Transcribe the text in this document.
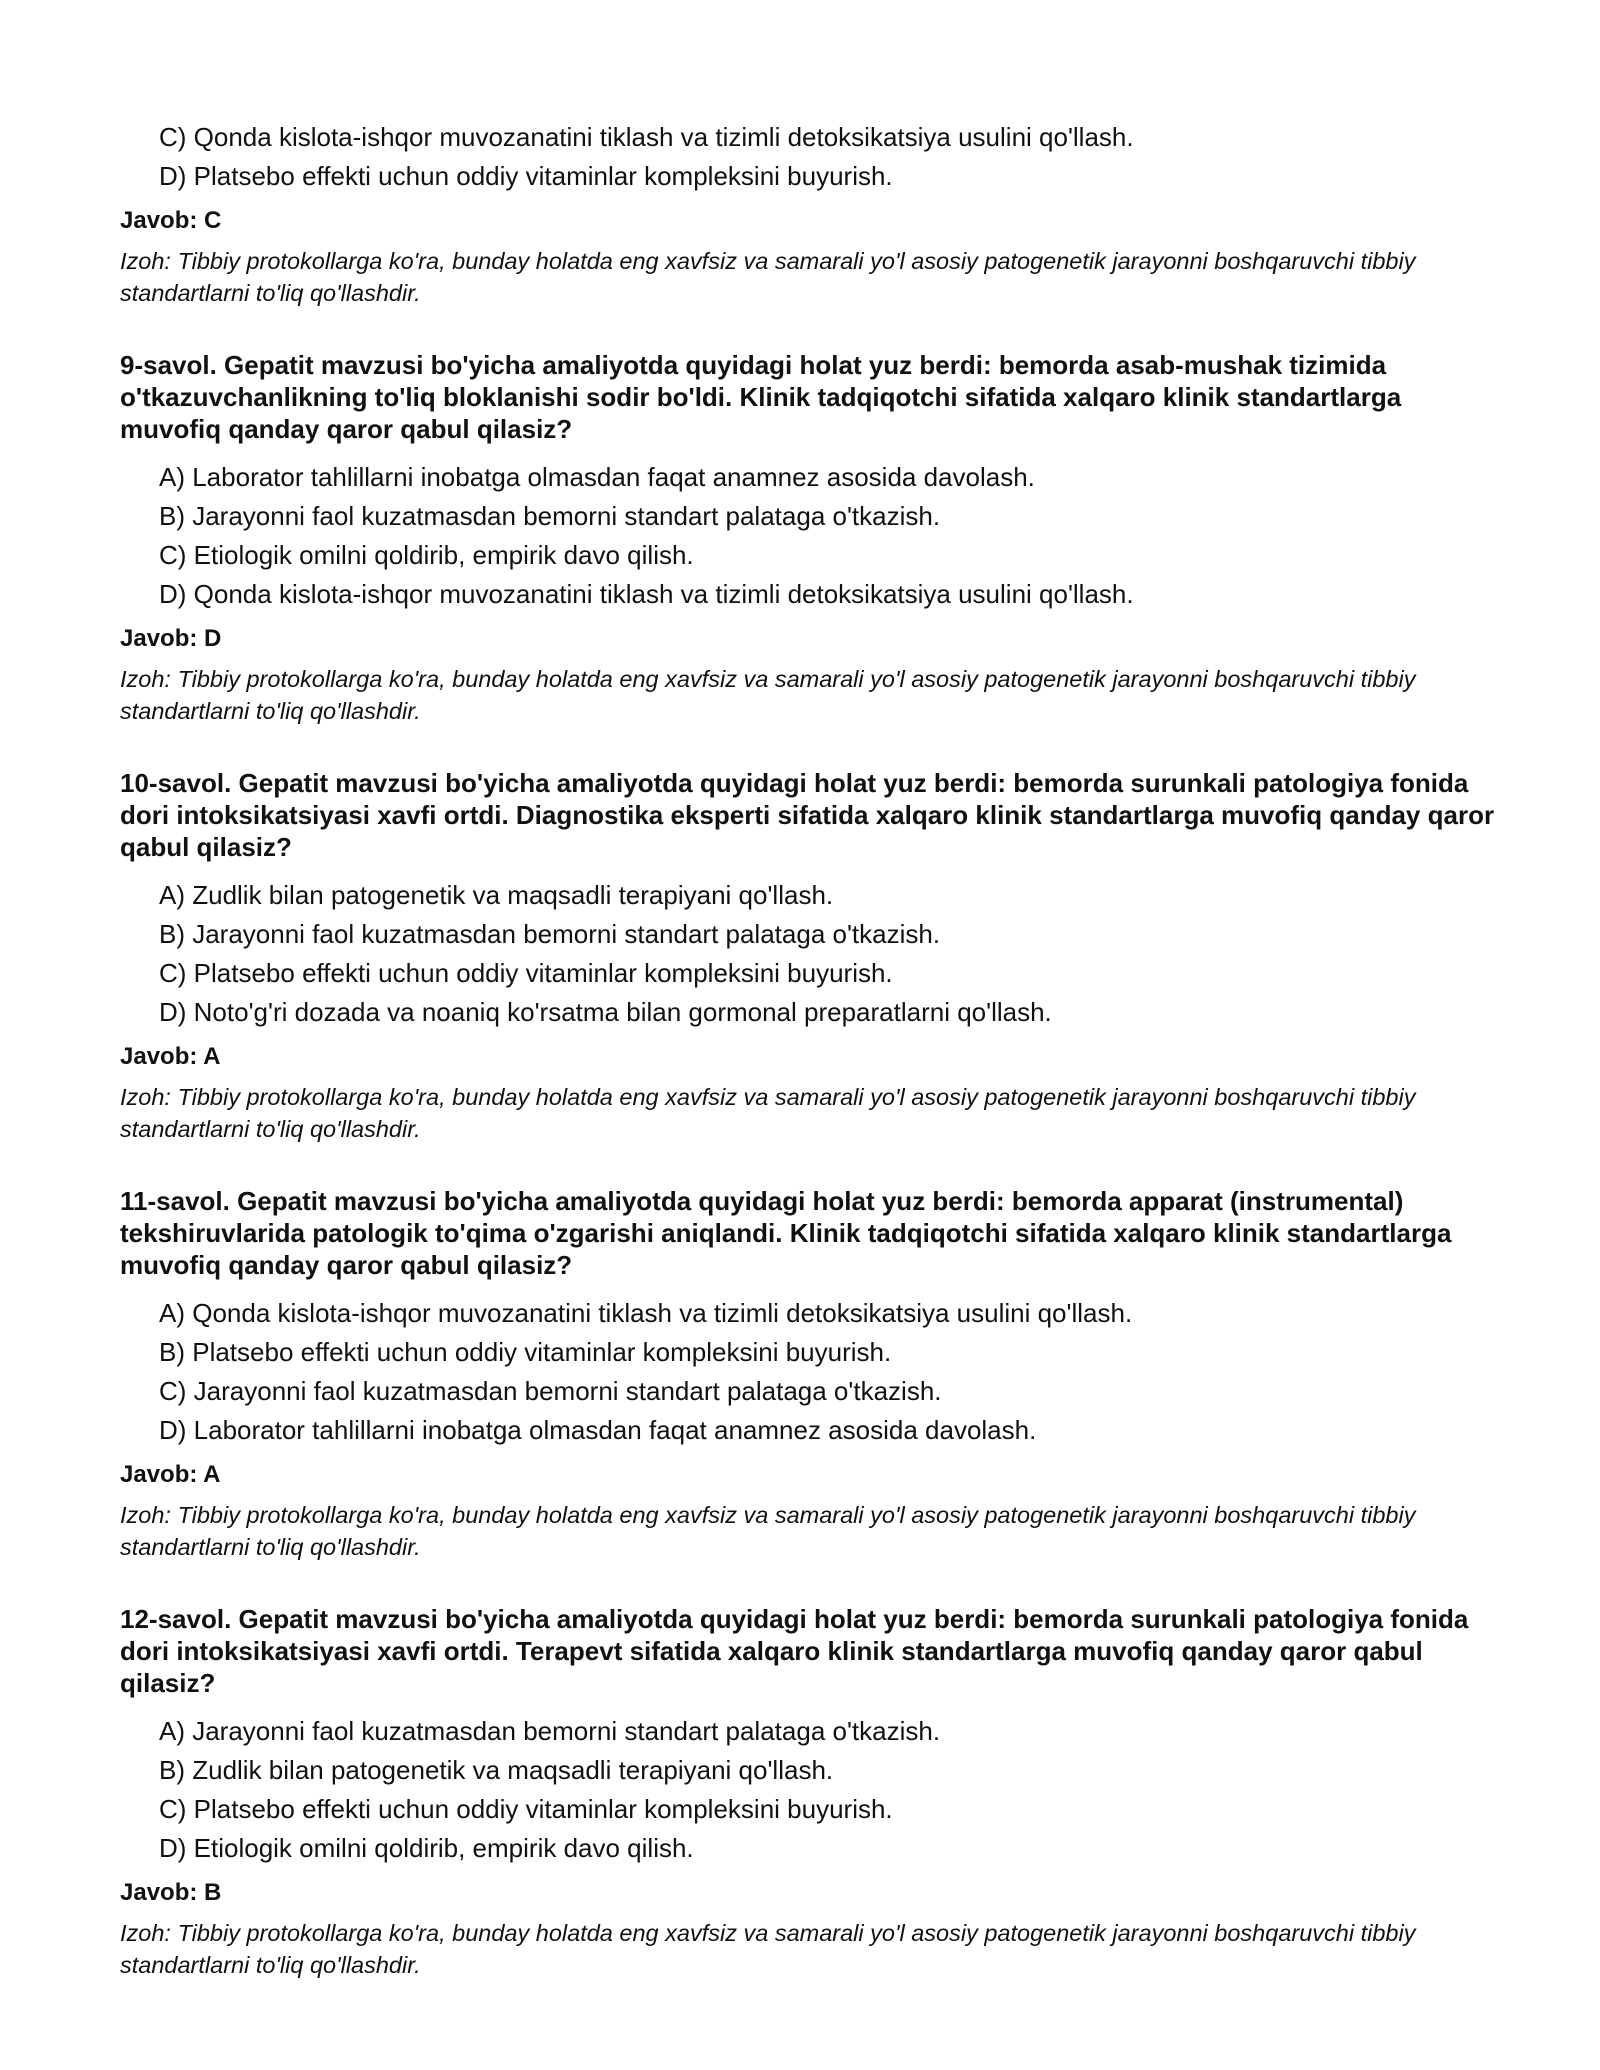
C) Qonda kislota-ishqor muvozanatini tiklash va tizimli detoksikatsiya usulini qo'llash.
D) Platsebo effekti uchun oddiy vitaminlar kompleksini buyurish.
Javob: C
Izoh: Tibbiy protokollarga ko'ra, bunday holatda eng xavfsiz va samarali yo'l asosiy patogenetik jarayonni boshqaruvchi tibbiy standartlarni to'liq qo'llashdir.
9-savol. Gepatit mavzusi bo'yicha amaliyotda quyidagi holat yuz berdi: bemorda asab-mushak tizimida o'tkazuvchanlikning to'liq bloklanishi sodir bo'ldi. Klinik tadqiqotchi sifatida xalqaro klinik standartlarga muvofiq qanday qaror qabul qilasiz?
A) Laborator tahlillarni inobatga olmasdan faqat anamnez asosida davolash.
B) Jarayonni faol kuzatmasdan bemorni standart palataga o'tkazish.
C) Etiologik omilni qoldirib, empirik davo qilish.
D) Qonda kislota-ishqor muvozanatini tiklash va tizimli detoksikatsiya usulini qo'llash.
Javob: D
Izoh: Tibbiy protokollarga ko'ra, bunday holatda eng xavfsiz va samarali yo'l asosiy patogenetik jarayonni boshqaruvchi tibbiy standartlarni to'liq qo'llashdir.
10-savol. Gepatit mavzusi bo'yicha amaliyotda quyidagi holat yuz berdi: bemorda surunkali patologiya fonida dori intoksikatsiyasi xavfi ortdi. Diagnostika eksperti sifatida xalqaro klinik standartlarga muvofiq qanday qaror qabul qilasiz?
A) Zudlik bilan patogenetik va maqsadli terapiyani qo'llash.
B) Jarayonni faol kuzatmasdan bemorni standart palataga o'tkazish.
C) Platsebo effekti uchun oddiy vitaminlar kompleksini buyurish.
D) Noto'g'ri dozada va noaniq ko'rsatma bilan gormonal preparatlarni qo'llash.
Javob: A
Izoh: Tibbiy protokollarga ko'ra, bunday holatda eng xavfsiz va samarali yo'l asosiy patogenetik jarayonni boshqaruvchi tibbiy standartlarni to'liq qo'llashdir.
11-savol. Gepatit mavzusi bo'yicha amaliyotda quyidagi holat yuz berdi: bemorda apparat (instrumental) tekshiruvlarida patologik to'qima o'zgarishi aniqlandi. Klinik tadqiqotchi sifatida xalqaro klinik standartlarga muvofiq qanday qaror qabul qilasiz?
A) Qonda kislota-ishqor muvozanatini tiklash va tizimli detoksikatsiya usulini qo'llash.
B) Platsebo effekti uchun oddiy vitaminlar kompleksini buyurish.
C) Jarayonni faol kuzatmasdan bemorni standart palataga o'tkazish.
D) Laborator tahlillarni inobatga olmasdan faqat anamnez asosida davolash.
Javob: A
Izoh: Tibbiy protokollarga ko'ra, bunday holatda eng xavfsiz va samarali yo'l asosiy patogenetik jarayonni boshqaruvchi tibbiy standartlarni to'liq qo'llashdir.
12-savol. Gepatit mavzusi bo'yicha amaliyotda quyidagi holat yuz berdi: bemorda surunkali patologiya fonida dori intoksikatsiyasi xavfi ortdi. Terapevt sifatida xalqaro klinik standartlarga muvofiq qanday qaror qabul qilasiz?
A) Jarayonni faol kuzatmasdan bemorni standart palataga o'tkazish.
B) Zudlik bilan patogenetik va maqsadli terapiyani qo'llash.
C) Platsebo effekti uchun oddiy vitaminlar kompleksini buyurish.
D) Etiologik omilni qoldirib, empirik davo qilish.
Javob: B
Izoh: Tibbiy protokollarga ko'ra, bunday holatda eng xavfsiz va samarali yo'l asosiy patogenetik jarayonni boshqaruvchi tibbiy standartlarni to'liq qo'llashdir.
